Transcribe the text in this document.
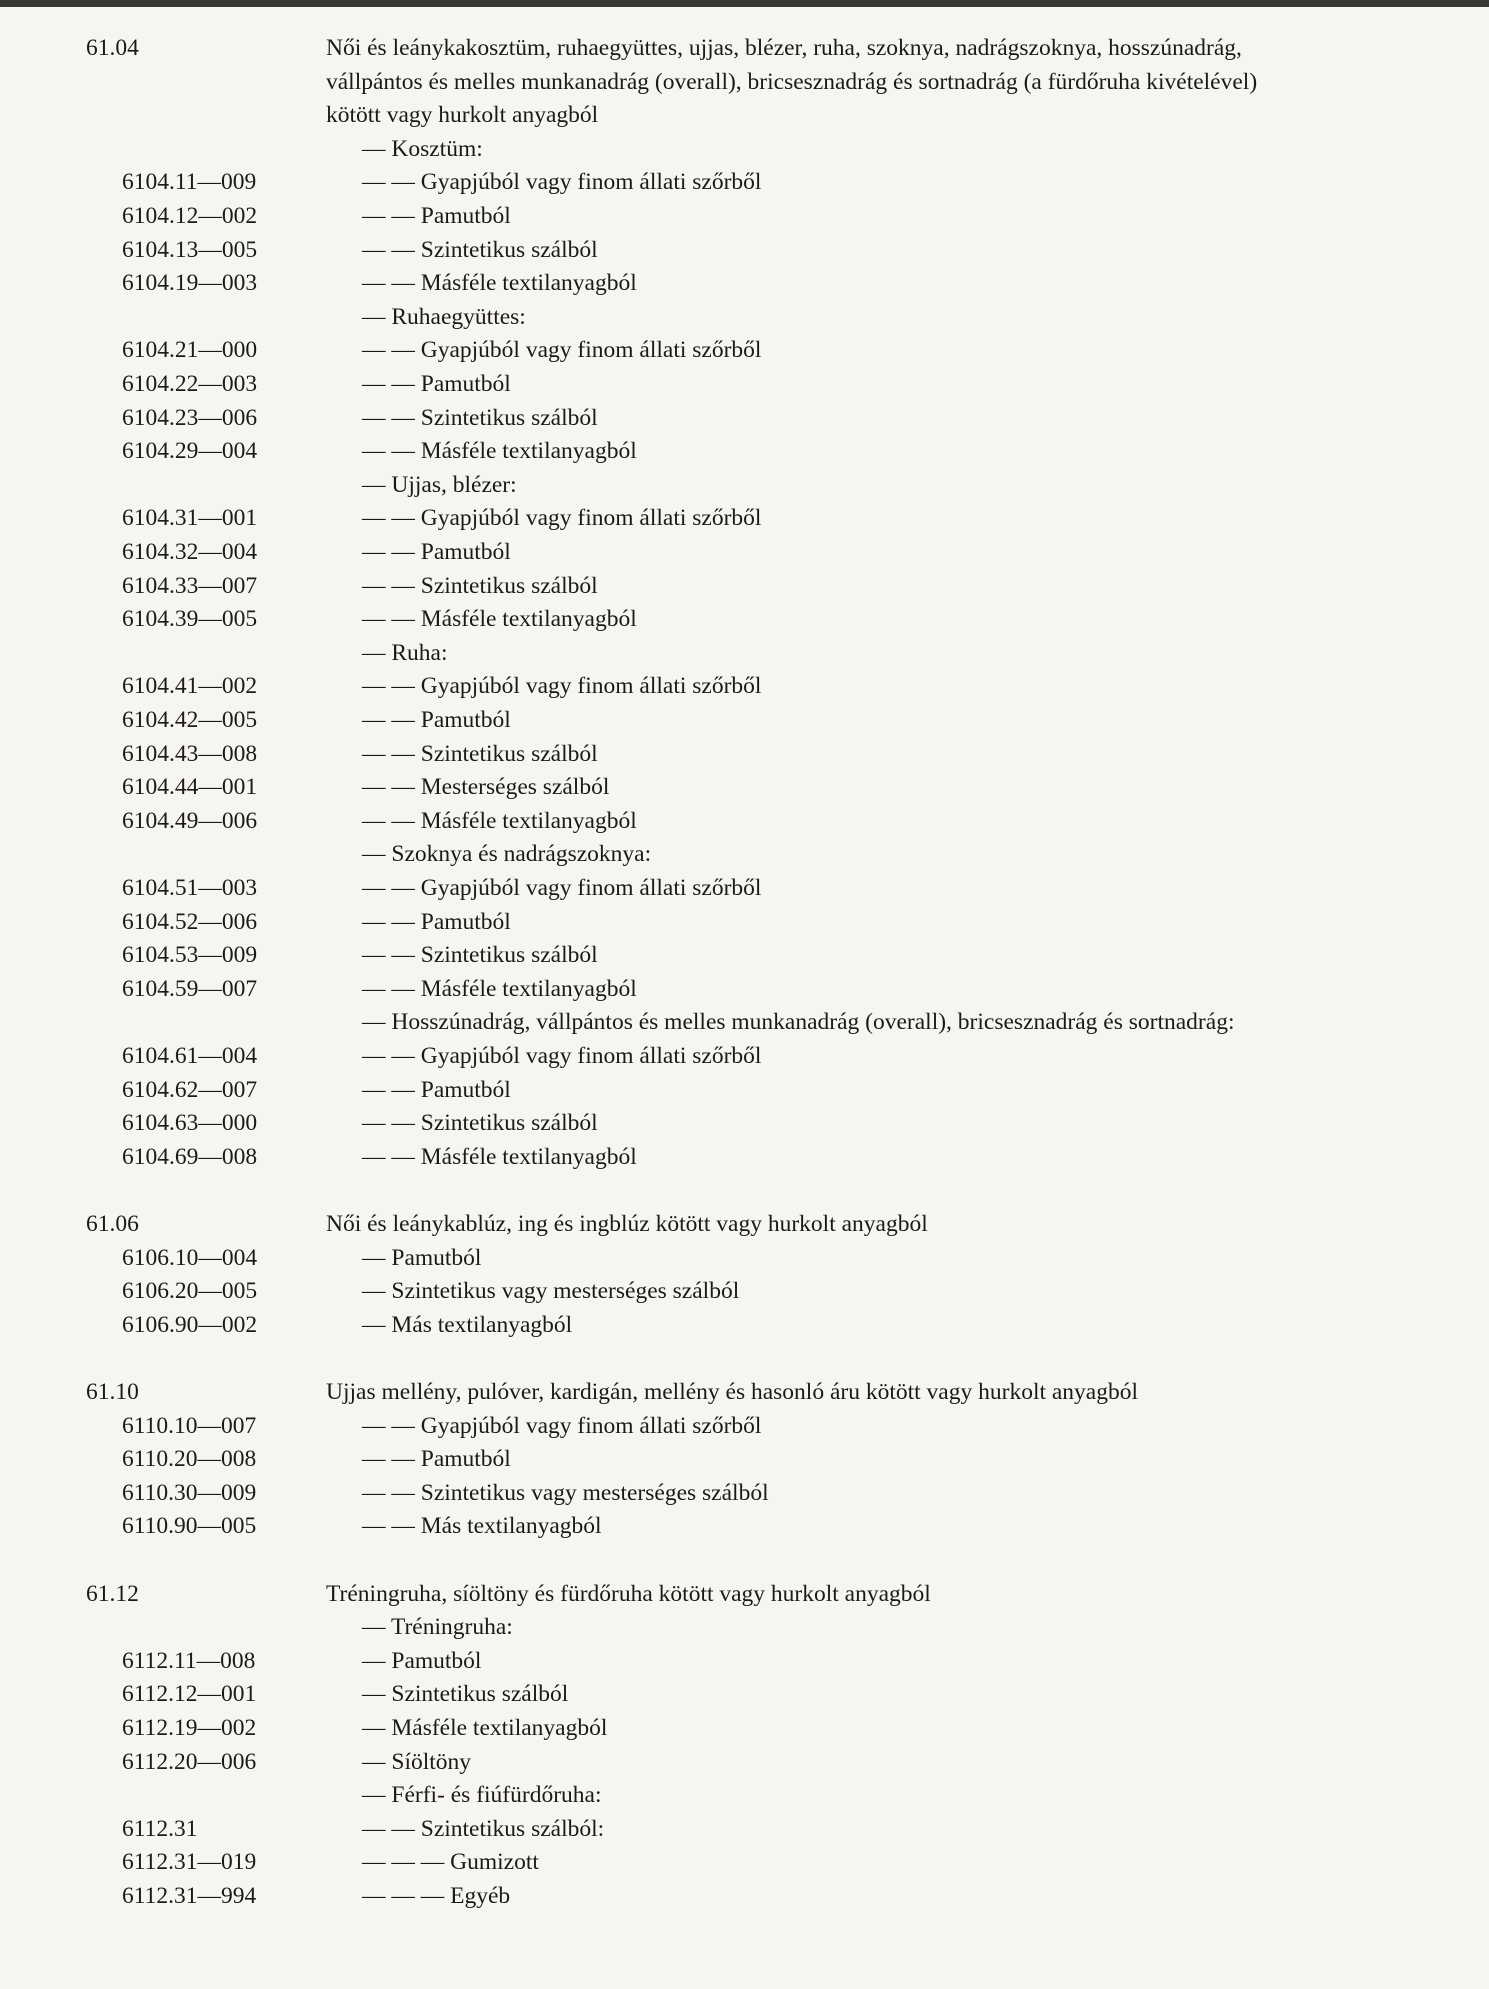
61.04	Női és leánykakosztüm, ruhaegyüttes, ujjas, blézer, ruha, szoknya, nadrágszoknya, hosszúnadrág,
vállpántos és melles munkanadrág (overall), bricsesznadrág és sortnadrág (a fürdőruha kivételével)
kötött vagy hurkolt anyagból
— Kosztüm:
6104.11—009	— — Gyapjúból vagy finom állati szőrből
6104.12—002	— — Pamutból
6104.13—005	— — Szintetikus szálból
6104.19—003	— — Másféle textilanyagból
— Ruhaegyüttes:
6104.21—000	— — Gyapjúból vagy finom állati szőrből
6104.22—003	— — Pamutból
6104.23—006	— — Szintetikus szálból
6104.29—004	— — Másféle textilanyagból
— Ujjas, blézer:
6104.31—001	— — Gyapjúból vagy finom állati szőrből
6104.32—004	— — Pamutból
6104.33—007	— — Szintetikus szálból
6104.39—005	— — Másféle textilanyagból
— Ruha:
6104.41—002	— — Gyapjúból vagy finom állati szőrből
6104.42—005	— — Pamutból
6104.43—008	— — Szintetikus szálból
6104.44—001	— — Mesterséges szálból
6104.49—006	— — Másféle textilanyagból
— Szoknya és nadrágszoknya:
6104.51—003	— — Gyapjúból vagy finom állati szőrből
6104.52—006	— — Pamutból
6104.53—009	— — Szintetikus szálból
6104.59—007	— — Másféle textilanyagból
— Hosszúnadrág, vállpántos és melles munkanadrág (overall), bricsesznadrág és sortnadrág:
6104.61—004	— — Gyapjúból vagy finom állati szőrből
6104.62—007	— — Pamutból
6104.63—000	— — Szintetikus szálból
6104.69—008	— — Másféle textilanyagból
61.06	Női és leánykablúz, ing és ingblúz kötött vagy hurkolt anyagból
6106.10—004	— Pamutból
6106.20—005	— Szintetikus vagy mesterséges szálból
6106.90—002	— Más textilanyagból
61.10	Ujjas mellény, pulóver, kardigán, mellény és hasonló áru kötött vagy hurkolt anyagból
6110.10—007	— — Gyapjúból vagy finom állati szőrből
6110.20—008	— — Pamutból
6110.30—009	— — Szintetikus vagy mesterséges szálból
6110.90—005	— — Más textilanyagból
61.12	Tréningruha, síöltöny és fürdőruha kötött vagy hurkolt anyagból
— Tréningruha:
6112.11—008	— Pamutból
6112.12—001	— Szintetikus szálból
6112.19—002	— Másféle textilanyagból
6112.20—006	— Síöltöny
— Férfi- és fiúfürdőruha:
6112.31	— — Szintetikus szálból:
6112.31—019	— — — Gumizott
6112.31—994	— — — Egyéb
